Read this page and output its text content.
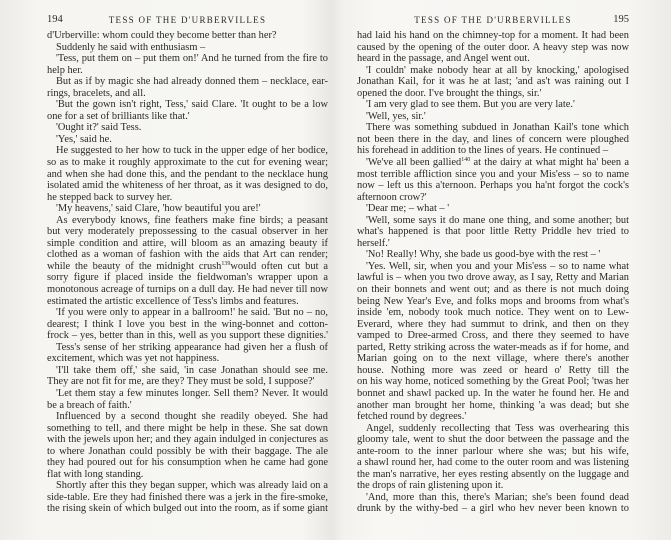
194	TESS OF THE D'URBERVILLES
d'Urberville: whom could they become better than her?
Suddenly he said with enthusiasm –
'Tess, put them on – put them on!' And he turned from the fire to
help her.
But as if by magic she had already donned them – necklace, ear-
rings, bracelets, and all.
'But the gown isn't right, Tess,' said Clare. 'It ought to be a low
one for a set of brilliants like that.'
'Ought it?' said Tess.
'Yes,' said he.
He suggested to her how to tuck in the upper edge of her bodice,
so as to make it roughly approximate to the cut for evening wear;
and when she had done this, and the pendant to the necklace hung
isolated amid the whiteness of her throat, as it was designed to do,
he stepped back to survey her.
'My heavens,' said Clare, 'how beautiful you are!'
As everybody knows, fine feathers make fine birds; a peasant
but very moderately prepossessing to the casual observer in her
simple condition and attire, will bloom as an amazing beauty if
clothed as a woman of fashion with the aids that Art can render;
while the beauty of the midnight crush$^{139}$would often cut but a
sorry figure if placed inside the fieldwoman's wrapper upon a
monotonous acreage of turnips on a dull day. He had never till now
estimated the artistic excellence of Tess's limbs and features.
'If you were only to appear in a ballroom!' he said. 'But no – no,
dearest; I think I love you best in the wing-bonnet and cotton-
frock – yes, better than in this, well as you support these dignities.'
Tess's sense of her striking appearance had given her a flush of
excitement, which was yet not happiness.
'I'll take them off,' she said, 'in case Jonathan should see me.
They are not fit for me, are they? They must be sold, I suppose?'
'Let them stay a few minutes longer. Sell them? Never. It would
be a breach of faith.'
Influenced by a second thought she readily obeyed. She had
something to tell, and there might be help in these. She sat down
with the jewels upon her; and they again indulged in conjectures as
to where Jonathan could possibly be with their baggage. The ale
they had poured out for his consumption when he came had gone
flat with long standing.
Shortly after this they began supper, which was already laid on a
side-table. Ere they had finished there was a jerk in the fire-smoke,
the rising skein of which bulged out into the room, as if some giant
TESS OF THE D'URBERVILLES	195
had laid his hand on the chimney-top for a moment. It had been
caused by the opening of the outer door. A heavy step was now
heard in the passage, and Angel went out.
'I couldn' make nobody hear at all by knocking,' apologised
Jonathan Kail, for it was he at last; 'and as't was raining out I
opened the door. I've brought the things, sir.'
'I am very glad to see them. But you are very late.'
'Well, yes, sir.'
There was something subdued in Jonathan Kail's tone which
not been there in the day, and lines of concern were ploughed
his forehead in addition to the lines of years. He continued –
'We've all been gallied$^{140}$ at the dairy at what might ha' been a
most terrible affliction since you and your Mis'ess – so to name
now – left us this a'ternoon. Perhaps you ha'nt forgot the cock's
afternoon crow?'
'Dear me; – what – '
'Well, some says it do mane one thing, and some another; but
what's happened is that poor little Retty Priddle hev tried to
herself.'
'No! Really! Why, she bade us good-bye with the rest – '
'Yes. Well, sir, when you and your Mis'ess – so to name what
lawful is – when you two drove away, as I say, Retty and Marian
on their bonnets and went out; and as there is not much doing
being New Year's Eve, and folks mops and brooms from what's
inside 'em, nobody took much notice. They went on to Lew-
Everard, where they had summut to drink, and then on they
vamped to Dree-armed Cross, and there they seemed to have
parted, Retty striking across the water-meads as if for home, and
Marian going on to the next village, where there's another
house. Nothing more was zeed or heard o' Retty till the
on his way home, noticed something by the Great Pool; 'twas her
bonnet and shawl packed up. In the water he found her. He and
another man brought her home, thinking 'a was dead; but she
fetched round by degrees.'
Angel, suddenly recollecting that Tess was overhearing this
gloomy tale, went to shut the door between the passage and the
ante-room to the inner parlour where she was; but his wife,
a shawl round her, had come to the outer room and was listening
the man's narrative, her eyes resting absently on the luggage and
the drops of rain glistening upon it.
'And, more than this, there's Marian; she's been found dead
drunk by the withy-bed – a girl who hev never been known to
